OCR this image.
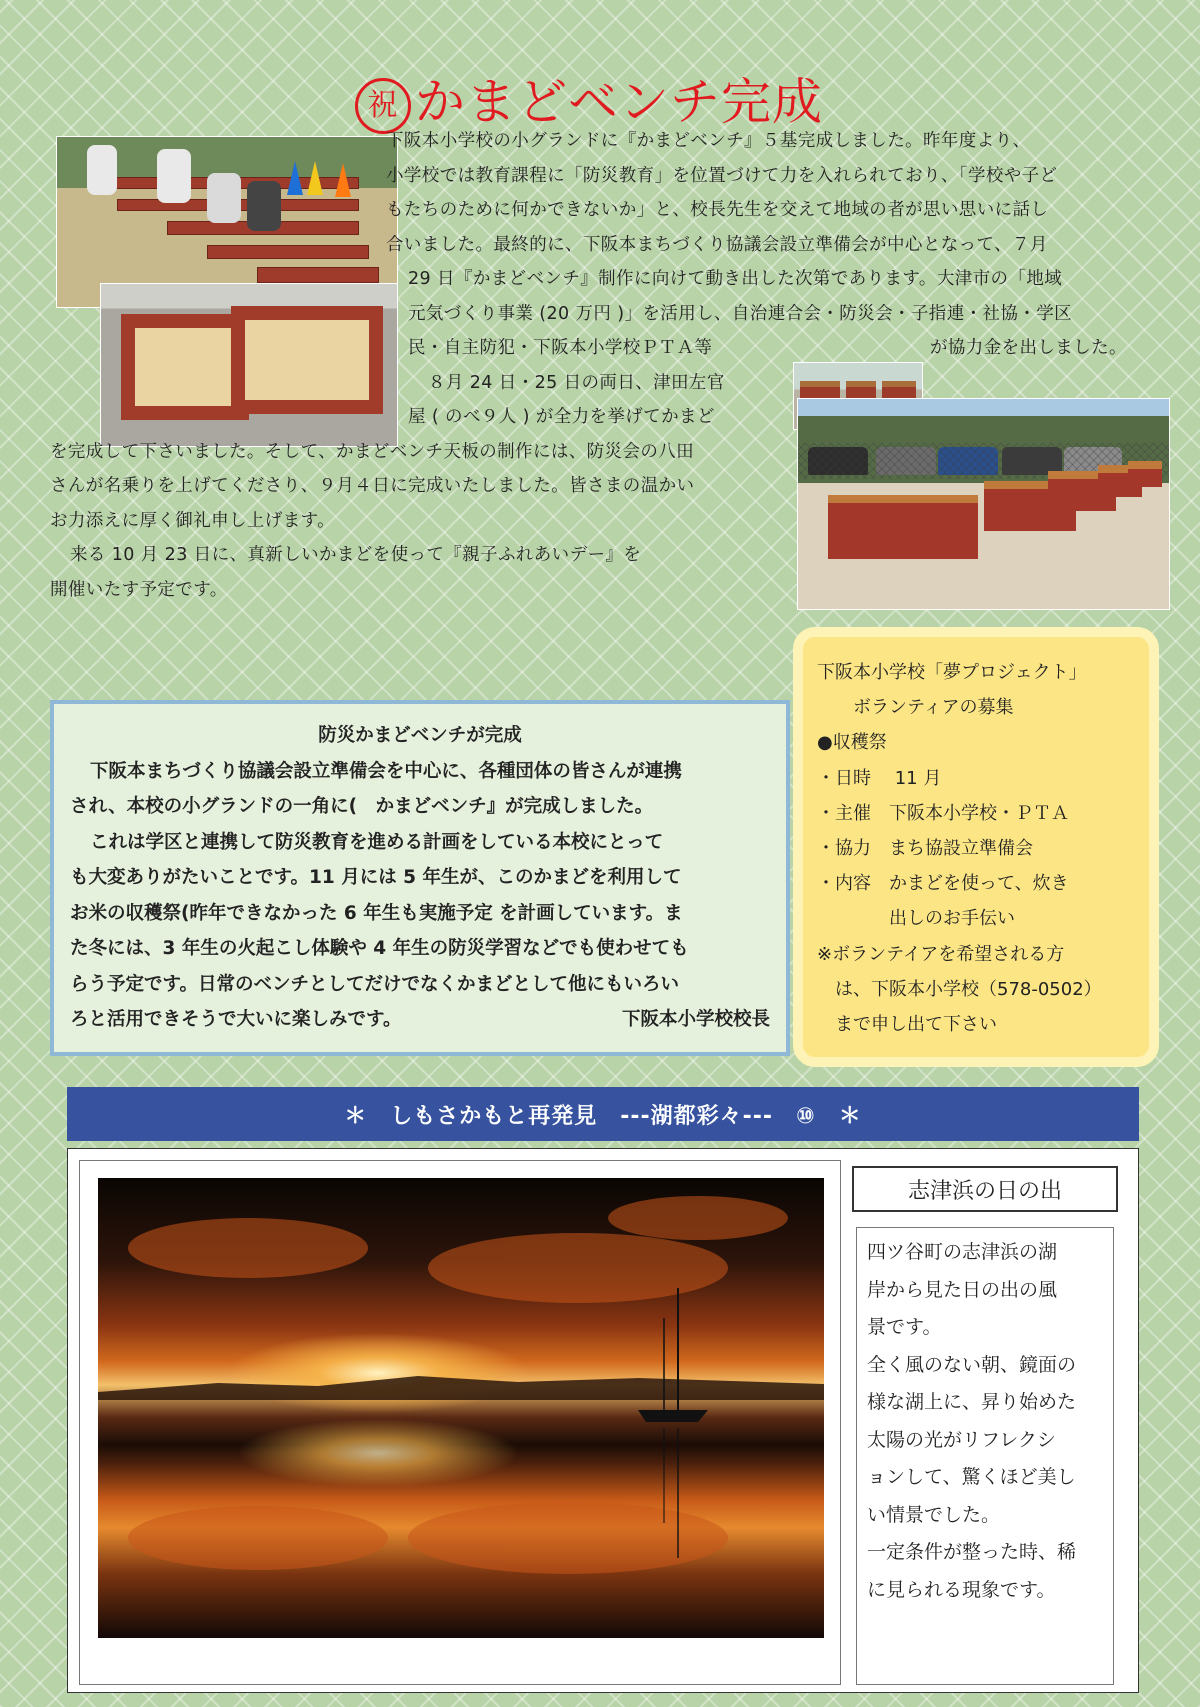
祝 かまどベンチ完成
下阪本小学校の小グランドに『かまどベンチ』５基完成しました。昨年度より、
小学校では教育課程に「防災教育」を位置づけて力を入れられており、「学校や子ど
もたちのために何かできないか」と、校長先生を交えて地域の者が思い思いに話し
合いました。最終的に、下阪本まちづくり協議会設立準備会が中心となって、７月
29 日『かまどベンチ』制作に向けて動き出した次第であります。大津市の「地域
元気づくり事業 (20 万円 )」を活用し、自治連合会・防災会・子指連・社協・学区
民・自主防犯・下阪本小学校ＰＴＡ等	が協力金を出しました。
８月 24 日・25 日の両日、津田左官
屋 ( のべ９人 ) が全力を挙げてかまど
を完成して下さいました。そして、かまどベンチ天板の制作には、防災会の八田
さんが名乗りを上げてくださり、９月４日に完成いたしました。皆さまの温かい
お力添えに厚く御礼申し上げます。
来る 10 月 23 日に、真新しいかまどを使って『親子ふれあいデー』を
開催いたす予定です。
防災かまどベンチが完成
下阪本まちづくり協議会設立準備会を中心に、各種団体の皆さんが連携
され、本校の小グランドの一角に(　かまどベンチ』が完成しました。
これは学区と連携して防災教育を進める計画をしている本校にとって
も大変ありがたいことです。11 月には 5 年生が、このかまどを利用して
お米の収穫祭(昨年できなかった 6 年生も実施予定 を計画しています。ま
た冬には、3 年生の火起こし体験や 4 年生の防災学習などでも使わせても
らう予定です。日常のベンチとしてだけでなくかまどとして他にもいろい
ろと活用できそうで大いに楽しみです。	下阪本小学校校長
下阪本小学校「夢プロジェクト」
　　ボランティアの募集
●収穫祭
・日時　 11 月
・主催　下阪本小学校・ＰＴＡ
・協力　まち協設立準備会
・内容　かまどを使って、炊き
　　　　出しのお手伝い
※ボランテイアを希望される方
　は、下阪本小学校（578-0502）
　まで申し出て下さい
＊　しもさかもと再発見　---湖都彩々---　⑩　＊
志津浜の日の出
四ツ谷町の志津浜の湖
岸から見た日の出の風
景です。
全く風のない朝、鏡面の
様な湖上に、昇り始めた
太陽の光がリフレクシ
ョンして、驚くほど美し
い情景でした。
一定条件が整った時、稀
に見られる現象です。
